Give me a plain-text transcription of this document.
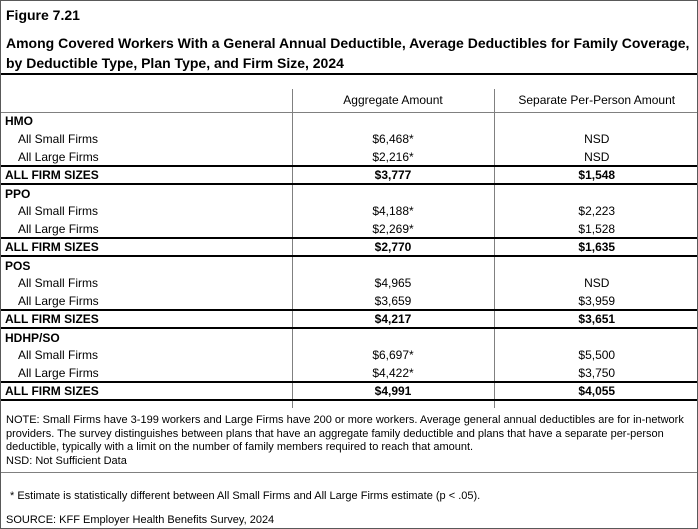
Figure 7.21
Among Covered Workers With a General Annual Deductible, Average Deductibles for Family Coverage, by Deductible Type, Plan Type, and Firm Size, 2024
	Aggregate Amount	Separate Per-Person Amount
HMO		
All Small Firms	$6,468*	NSD
All Large Firms	$2,216*	NSD
ALL FIRM SIZES	$3,777	$1,548
PPO		
All Small Firms	$4,188*	$2,223
All Large Firms	$2,269*	$1,528
ALL FIRM SIZES	$2,770	$1,635
POS		
All Small Firms	$4,965	NSD
All Large Firms	$3,659	$3,959
ALL FIRM SIZES	$4,217	$3,651
HDHP/SO		
All Small Firms	$6,697*	$5,500
All Large Firms	$4,422*	$3,750
ALL FIRM SIZES	$4,991	$4,055

NOTE: Small Firms have 3-199 workers and Large Firms have 200 or more workers. Average general annual deductibles are for in-network providers. The survey distinguishes between plans that have an aggregate family deductible and plans that have a separate per-person deductible, typically with a limit on the number of family members required to reach that amount.
NSD: Not Sufficient Data
* Estimate is statistically different between All Small Firms and All Large Firms estimate (p < .05).
SOURCE: KFF Employer Health Benefits Survey, 2024
